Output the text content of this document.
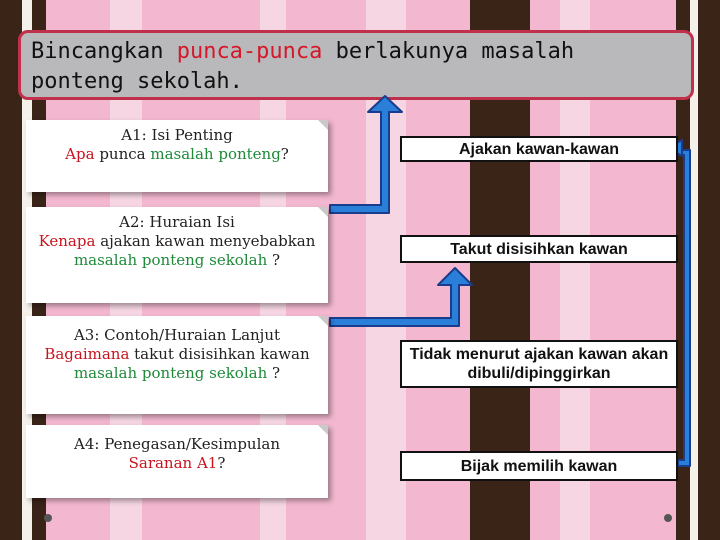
Bincangkan punca-punca berlakunya masalah
ponteng sekolah.
A1: Isi Penting
Apa punca masalah ponteng?
A2: Huraian Isi
Kenapa ajakan kawan menyebabkan masalah ponteng sekolah ?
A3: Contoh/Huraian Lanjut
Bagaimana takut disisihkan kawan masalah ponteng sekolah ?
A4: Penegasan/Kesimpulan
Saranan A1?
Ajakan kawan-kawan
Takut disisihkan kawan
Tidak menurut ajakan kawan akan dibuli/dipinggirkan
Bijak memilih kawan
